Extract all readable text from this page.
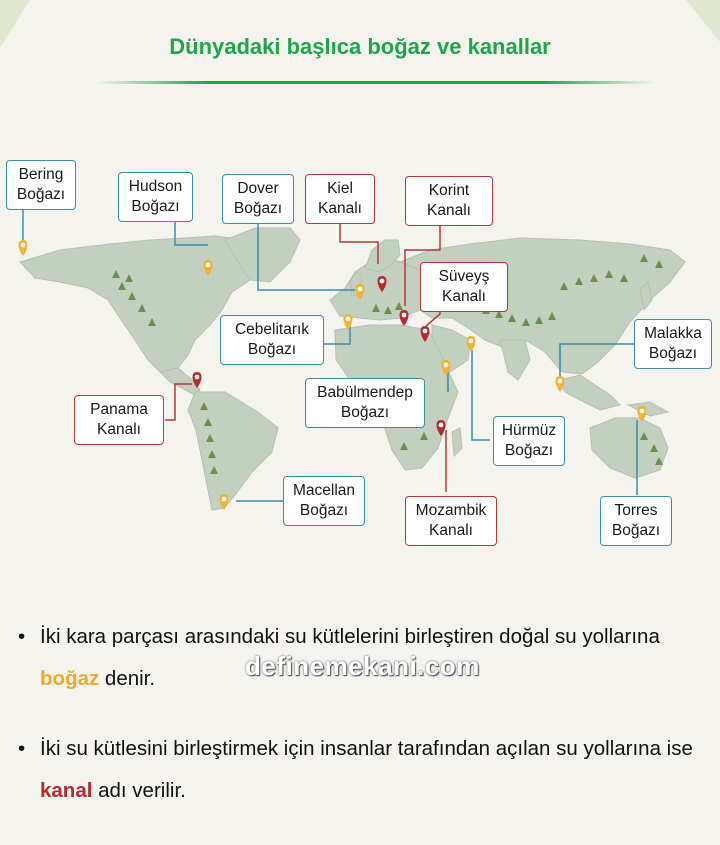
Dünyadaki başlıca boğaz ve kanallar
Bering
Boğazı	Hudson
Boğazı
Dover
Boğazı
Kiel
Kanalı
Korint
Kanalı
Süveyş
Kanalı
Cebelitarık
Boğazı
Malakka
Boğazı
Panama
Kanalı
Babülmendep
Boğazı
Hürmüz
Boğazı
Macellan
Boğazı	Mozambik
Kanalı
Torres
Boğazı
• İki kara parçası arasındaki su kütlelerini birleştiren doğal su yollarına boğaz denir.
• İki su kütlesini birleştirmek için insanlar tarafından açılan su yollarına ise kanal adı verilir.
definemekani.com
